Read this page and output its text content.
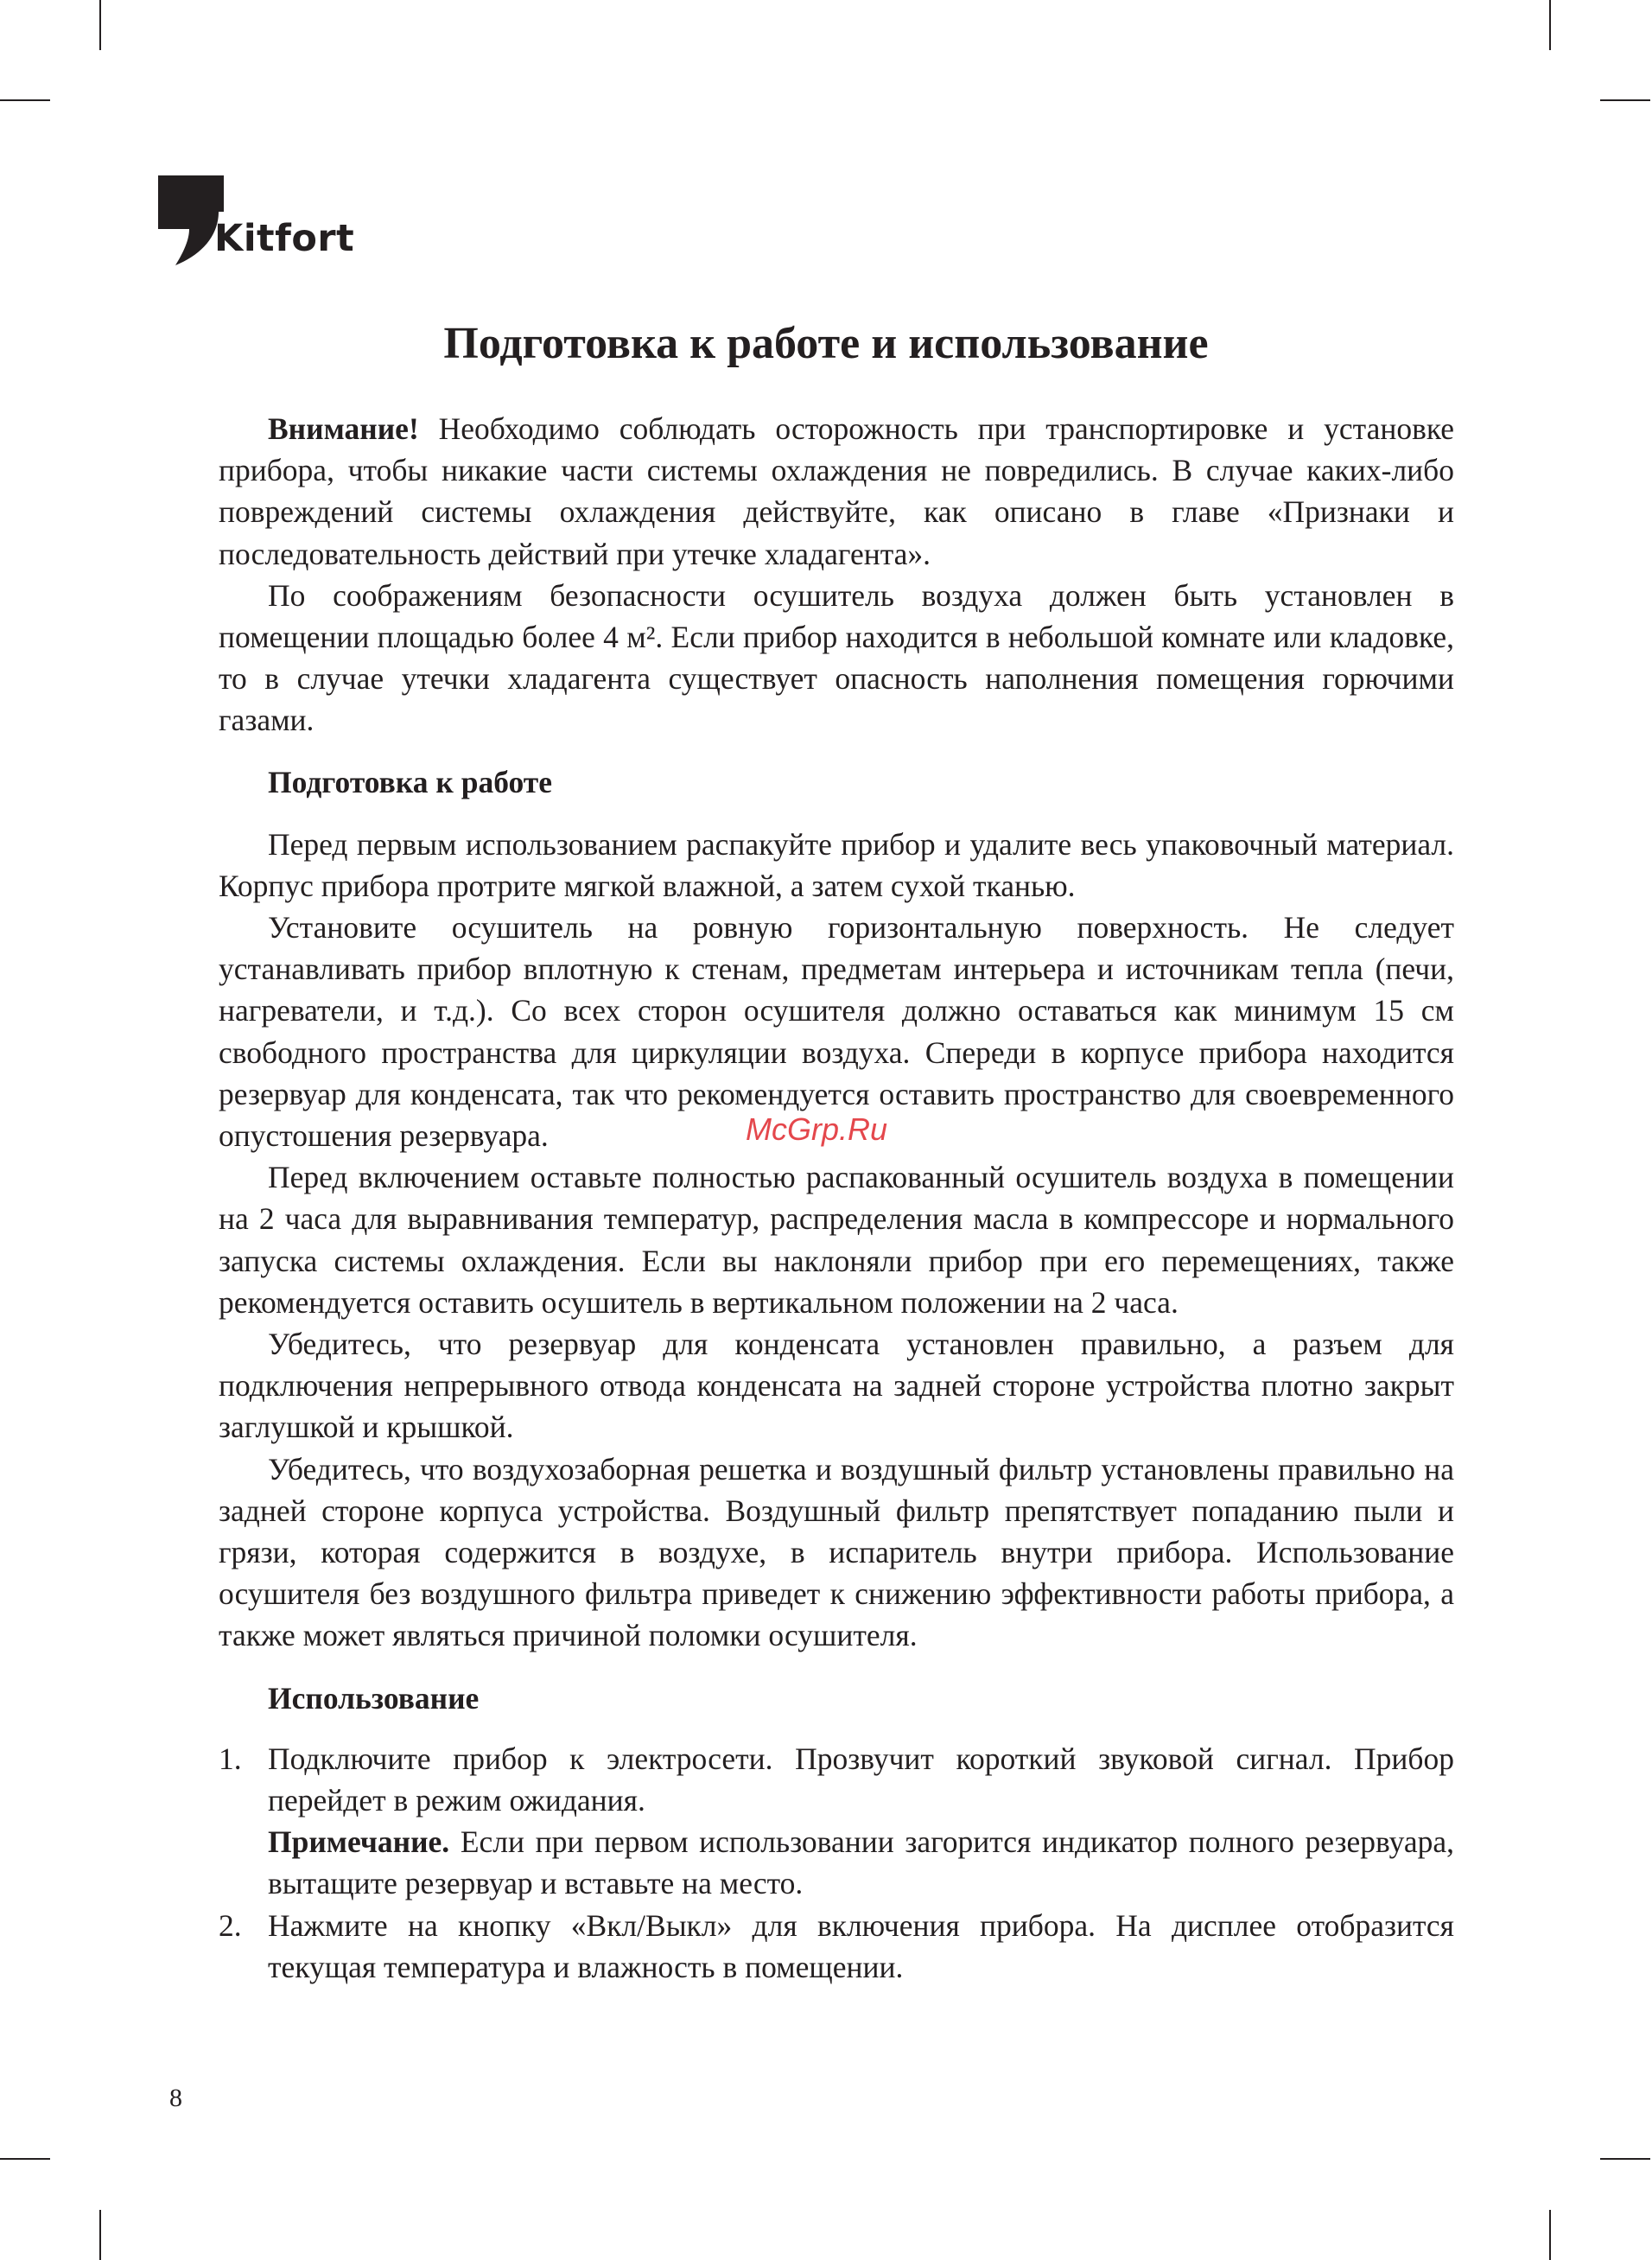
Kitfort
Подготовка к работе и использование

Внимание! Необходимо соблюдать осторожность при транспортировке и установке прибора, чтобы никакие части системы охлаждения не повредились. В случае каких-либо повреждений системы охлаждения действуйте, как описано в главе «Признаки и последовательность действий при утечке хладагента».

По соображениям безопасности осушитель воздуха должен быть установлен в помещении площадью более 4 м². Если прибор находится в небольшой комнате или кладовке, то в случае утечки хладагента существует опасность наполнения помещения горючими газами.

Подготовка к работе

Перед первым использованием распакуйте прибор и удалите весь упаковочный материал. Корпус прибора протрите мягкой влажной, а затем сухой тканью.

Установите осушитель на ровную горизонтальную поверхность. Не следует устанавливать прибор вплотную к стенам, предметам интерьера и источникам тепла (печи, нагреватели, и т.д.). Со всех сторон осушителя должно оставаться как минимум 15 см свободного пространства для циркуляции воздуха. Спереди в корпусе прибора находится резервуар для конденсата, так что рекомендуется оставить пространство для своевременного опустошения резервуара.

Перед включением оставьте полностью распакованный осушитель воздуха в помещении на 2 часа для выравнивания температур, распределения масла в компрессоре и нормального запуска системы охлаждения. Если вы наклоняли прибор при его перемещениях, также рекомендуется оставить осушитель в вертикальном положении на 2 часа.

Убедитесь, что резервуар для конденсата установлен правильно, а разъем для подключения непрерывного отвода конденсата на задней стороне устройства плотно закрыт заглушкой и крышкой.

Убедитесь, что воздухозаборная решетка и воздушный фильтр установлены правильно на задней стороне корпуса устройства. Воздушный фильтр препятствует попаданию пыли и грязи, которая содержится в воздухе, в испаритель внутри прибора. Использование осушителя без воздушного фильтра приведет к снижению эффективности работы прибора, а также может являться причиной поломки осушителя.

Использование
1. Подключите прибор к электросети. Прозвучит короткий звуковой сигнал. Прибор перейдет в режим ожидания.

Примечание. Если при первом использовании загорится индикатор полного резервуара, вытащите резервуар и вставьте на место.

2. Нажмите на кнопку «Вкл/Выкл» для включения прибора. На дисплее отобразится текущая температура и влажность в помещении.

McGrp.Ru
8
